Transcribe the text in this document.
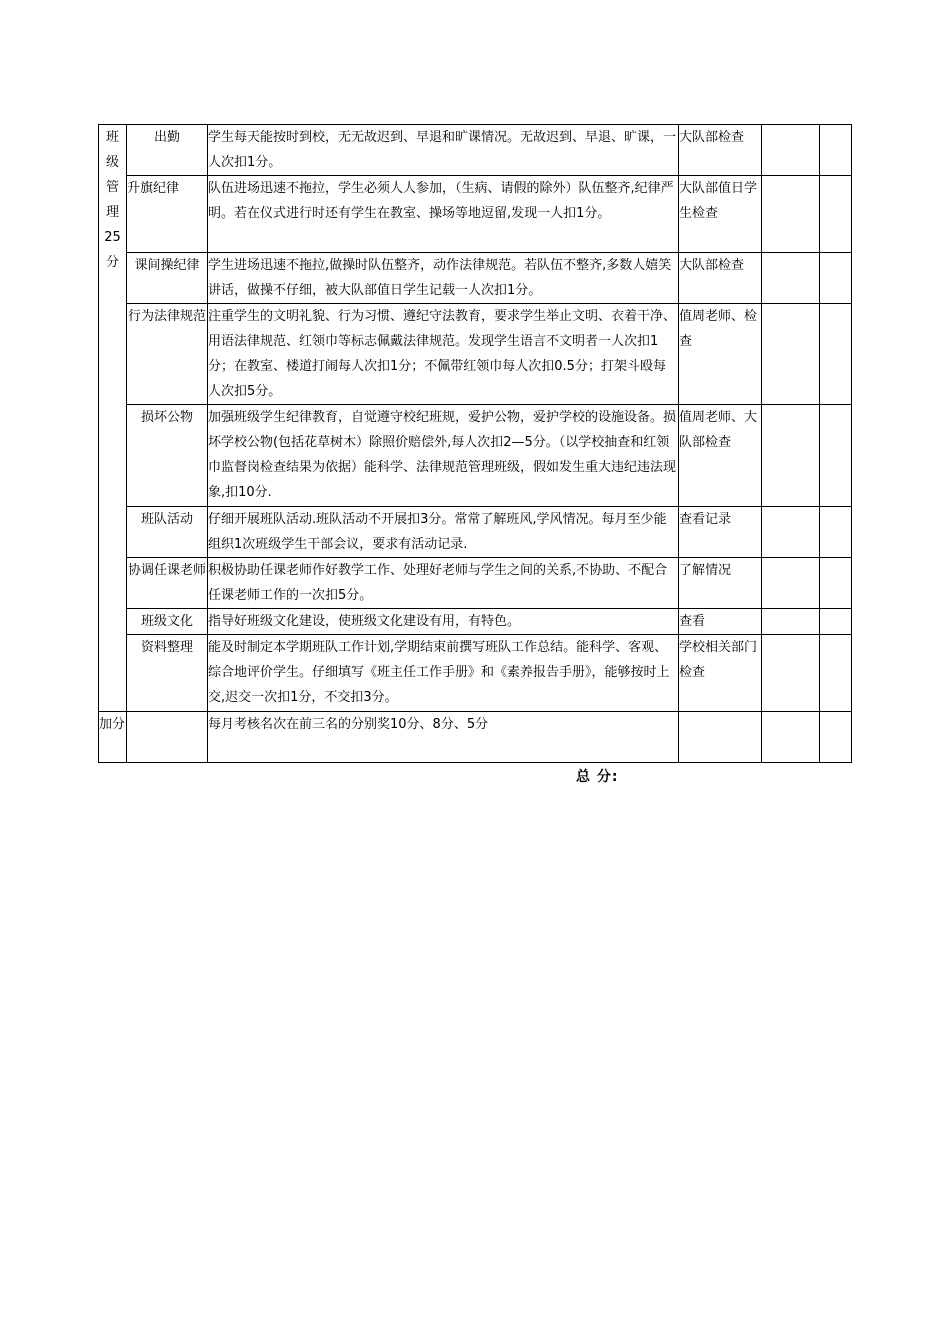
班级管理25分	出勤	学生每天能按时到校，无无故迟到、早退和旷课情况。无故迟到、早退、旷课，一人次扣1分。	大队部检查		
	升旗纪律	队伍进场迅速不拖拉，学生必须人人参加，（生病、请假的除外）队伍整齐,纪律严明。若在仪式进行时还有学生在教室、操场等地逗留,发现一人扣1分。	大队部值日学生检查		
	课间操纪律	学生进场迅速不拖拉,做操时队伍整齐，动作法律规范。若队伍不整齐,多数人嬉笑讲话，做操不仔细，被大队部值日学生记载一人次扣1分。	大队部检查		
	行为法律规范	注重学生的文明礼貌、行为习惯、遵纪守法教育，要求学生举止文明、衣着干净、用语法律规范、红领巾等标志佩戴法律规范。发现学生语言不文明者一人次扣1分；在教室、楼道打闹每人次扣1分；不佩带红领巾每人次扣0.5分；打架斗殴每人次扣5分。	值周老师、检查		
	损坏公物	加强班级学生纪律教育，自觉遵守校纪班规，爱护公物，爱护学校的设施设备。损坏学校公物(包括花草树木）除照价赔偿外,每人次扣2—5分。（以学校抽查和红领巾监督岗检查结果为依据）能科学、法律规范管理班级，假如发生重大违纪违法现象,扣10分.	值周老师、大队部检查		
	班队活动	仔细开展班队活动.班队活动不开展扣3分。常常了解班风,学风情况。每月至少能组织1次班级学生干部会议，要求有活动记录.	查看记录		
	协调任课老师	积极协助任课老师作好教学工作、处理好老师与学生之间的关系,不协助、不配合任课老师工作的一次扣5分。	了解情况		
	班级文化	指导好班级文化建设，使班级文化建设有用，有特色。	查看		
	资料整理	能及时制定本学期班队工作计划,学期结束前撰写班队工作总结。能科学、客观、综合地评价学生。仔细填写《班主任工作手册》和《素养报告手册》，能够按时上交,迟交一次扣1分，不交扣3分。	学校相关部门检查		
加分		每月考核名次在前三名的分别奖10分、8分、5分			
总 分:
